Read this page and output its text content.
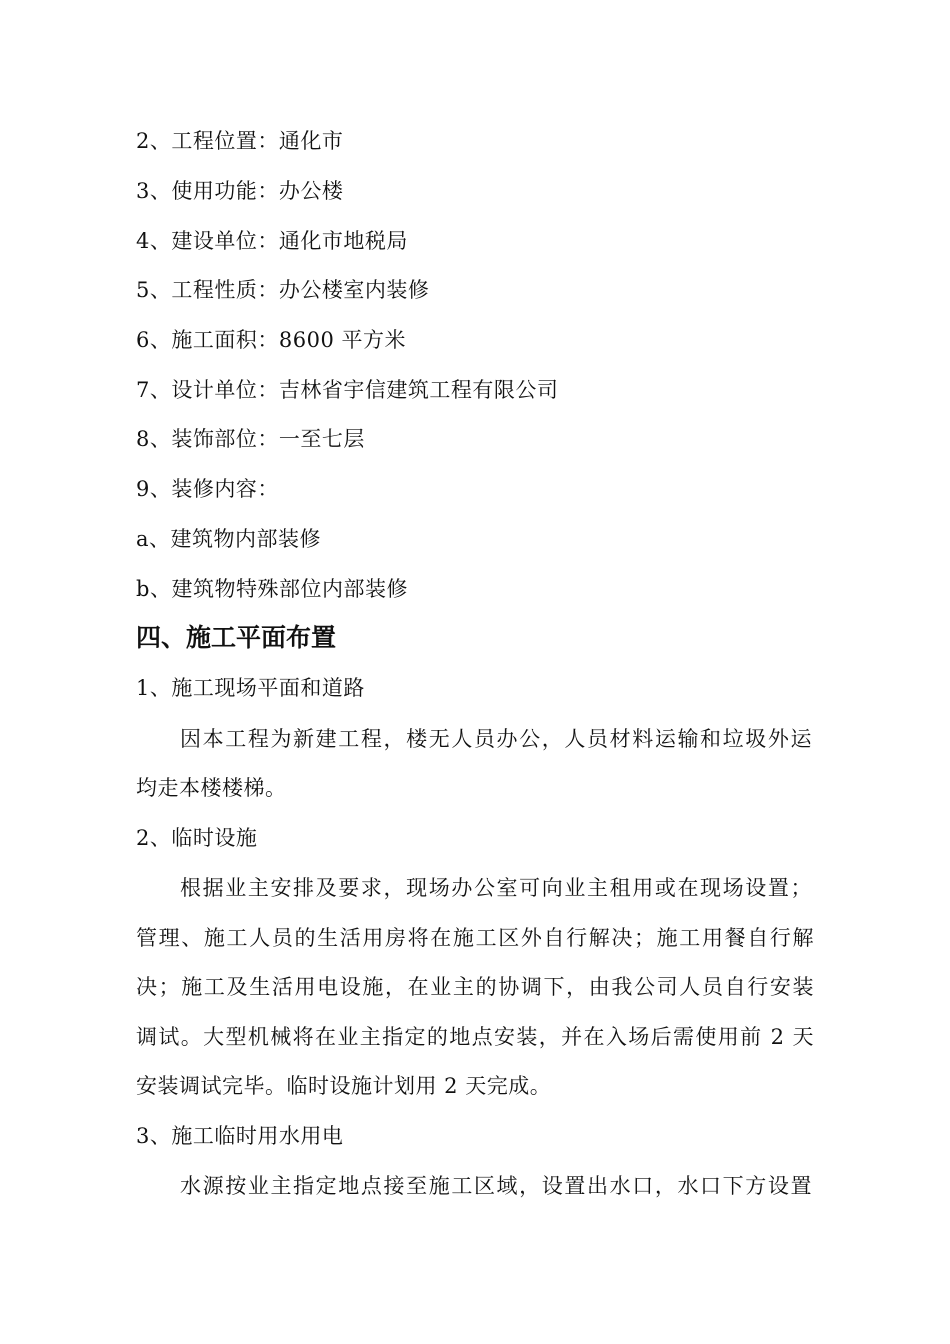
2、工程位置：通化市
3、使用功能：办公楼
4、建设单位：通化市地税局
5、工程性质：办公楼室内装修
6、施工面积：8600 平方米
7、设计单位：吉林省宇信建筑工程有限公司
8、装饰部位：一至七层
9、装修内容：
a、建筑物内部装修
b、建筑物特殊部位内部装修
四、施工平面布置
1、施工现场平面和道路
因本工程为新建工程，楼无人员办公，人员材料运输和垃圾外运
均走本楼楼梯。
2、临时设施
根据业主安排及要求，现场办公室可向业主租用或在现场设置；
管理、施工人员的生活用房将在施工区外自行解决；施工用餐自行解
决；施工及生活用电设施，在业主的协调下，由我公司人员自行安装
调试。大型机械将在业主指定的地点安装，并在入场后需使用前 2 天
安装调试完毕。临时设施计划用 2 天完成。
3、施工临时用水用电
水源按业主指定地点接至施工区域，设置出水口，水口下方设置
